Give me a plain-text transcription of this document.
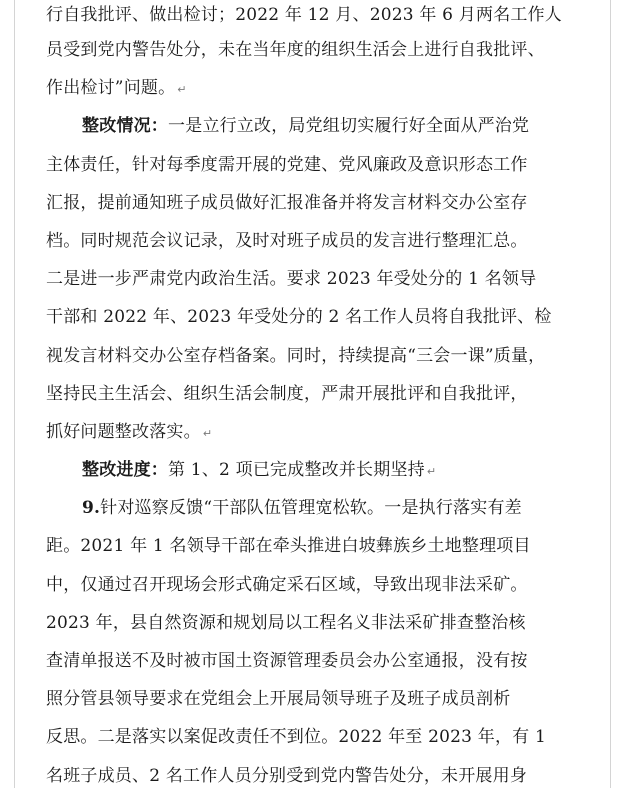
行自我批评、做出检讨；2022 年 12 月、2023 年 6 月两名工作人
员受到党内警告处分，未在当年度的组织生活会上进行自我批评、
作出检讨”问题。 ↵
整改情况：一是立行立改，局党组切实履行好全面从严治党
主体责任，针对每季度需开展的党建、党风廉政及意识形态工作
汇报，提前通知班子成员做好汇报准备并将发言材料交办公室存
档。同时规范会议记录，及时对班子成员的发言进行整理汇总。
二是进一步严肃党内政治生活。要求 2023 年受处分的 1 名领导
干部和 2022 年、2023 年受处分的 2 名工作人员将自我批评、检
视发言材料交办公室存档备案。同时，持续提高“三会一课”质量，
坚持民主生活会、组织生活会制度，严肃开展批评和自我批评，
抓好问题整改落实。 ↵
整改进度：第 1、2 项已完成整改并长期坚持 ↵
9.针对巡察反馈“干部队伍管理宽松软。一是执行落实有差
距。2021 年 1 名领导干部在牵头推进白坡彝族乡土地整理项目
中，仅通过召开现场会形式确定采石区域，导致出现非法采矿。
2023 年，县自然资源和规划局以工程名义非法采矿排查整治核
查清单报送不及时被市国土资源管理委员会办公室通报，没有按
照分管县领导要求在党组会上开展局领导班子及班子成员剖析
反思。二是落实以案促改责任不到位。2022 年至 2023 年，有 1
名班子成员、2 名工作人员分别受到党内警告处分，未开展用身
